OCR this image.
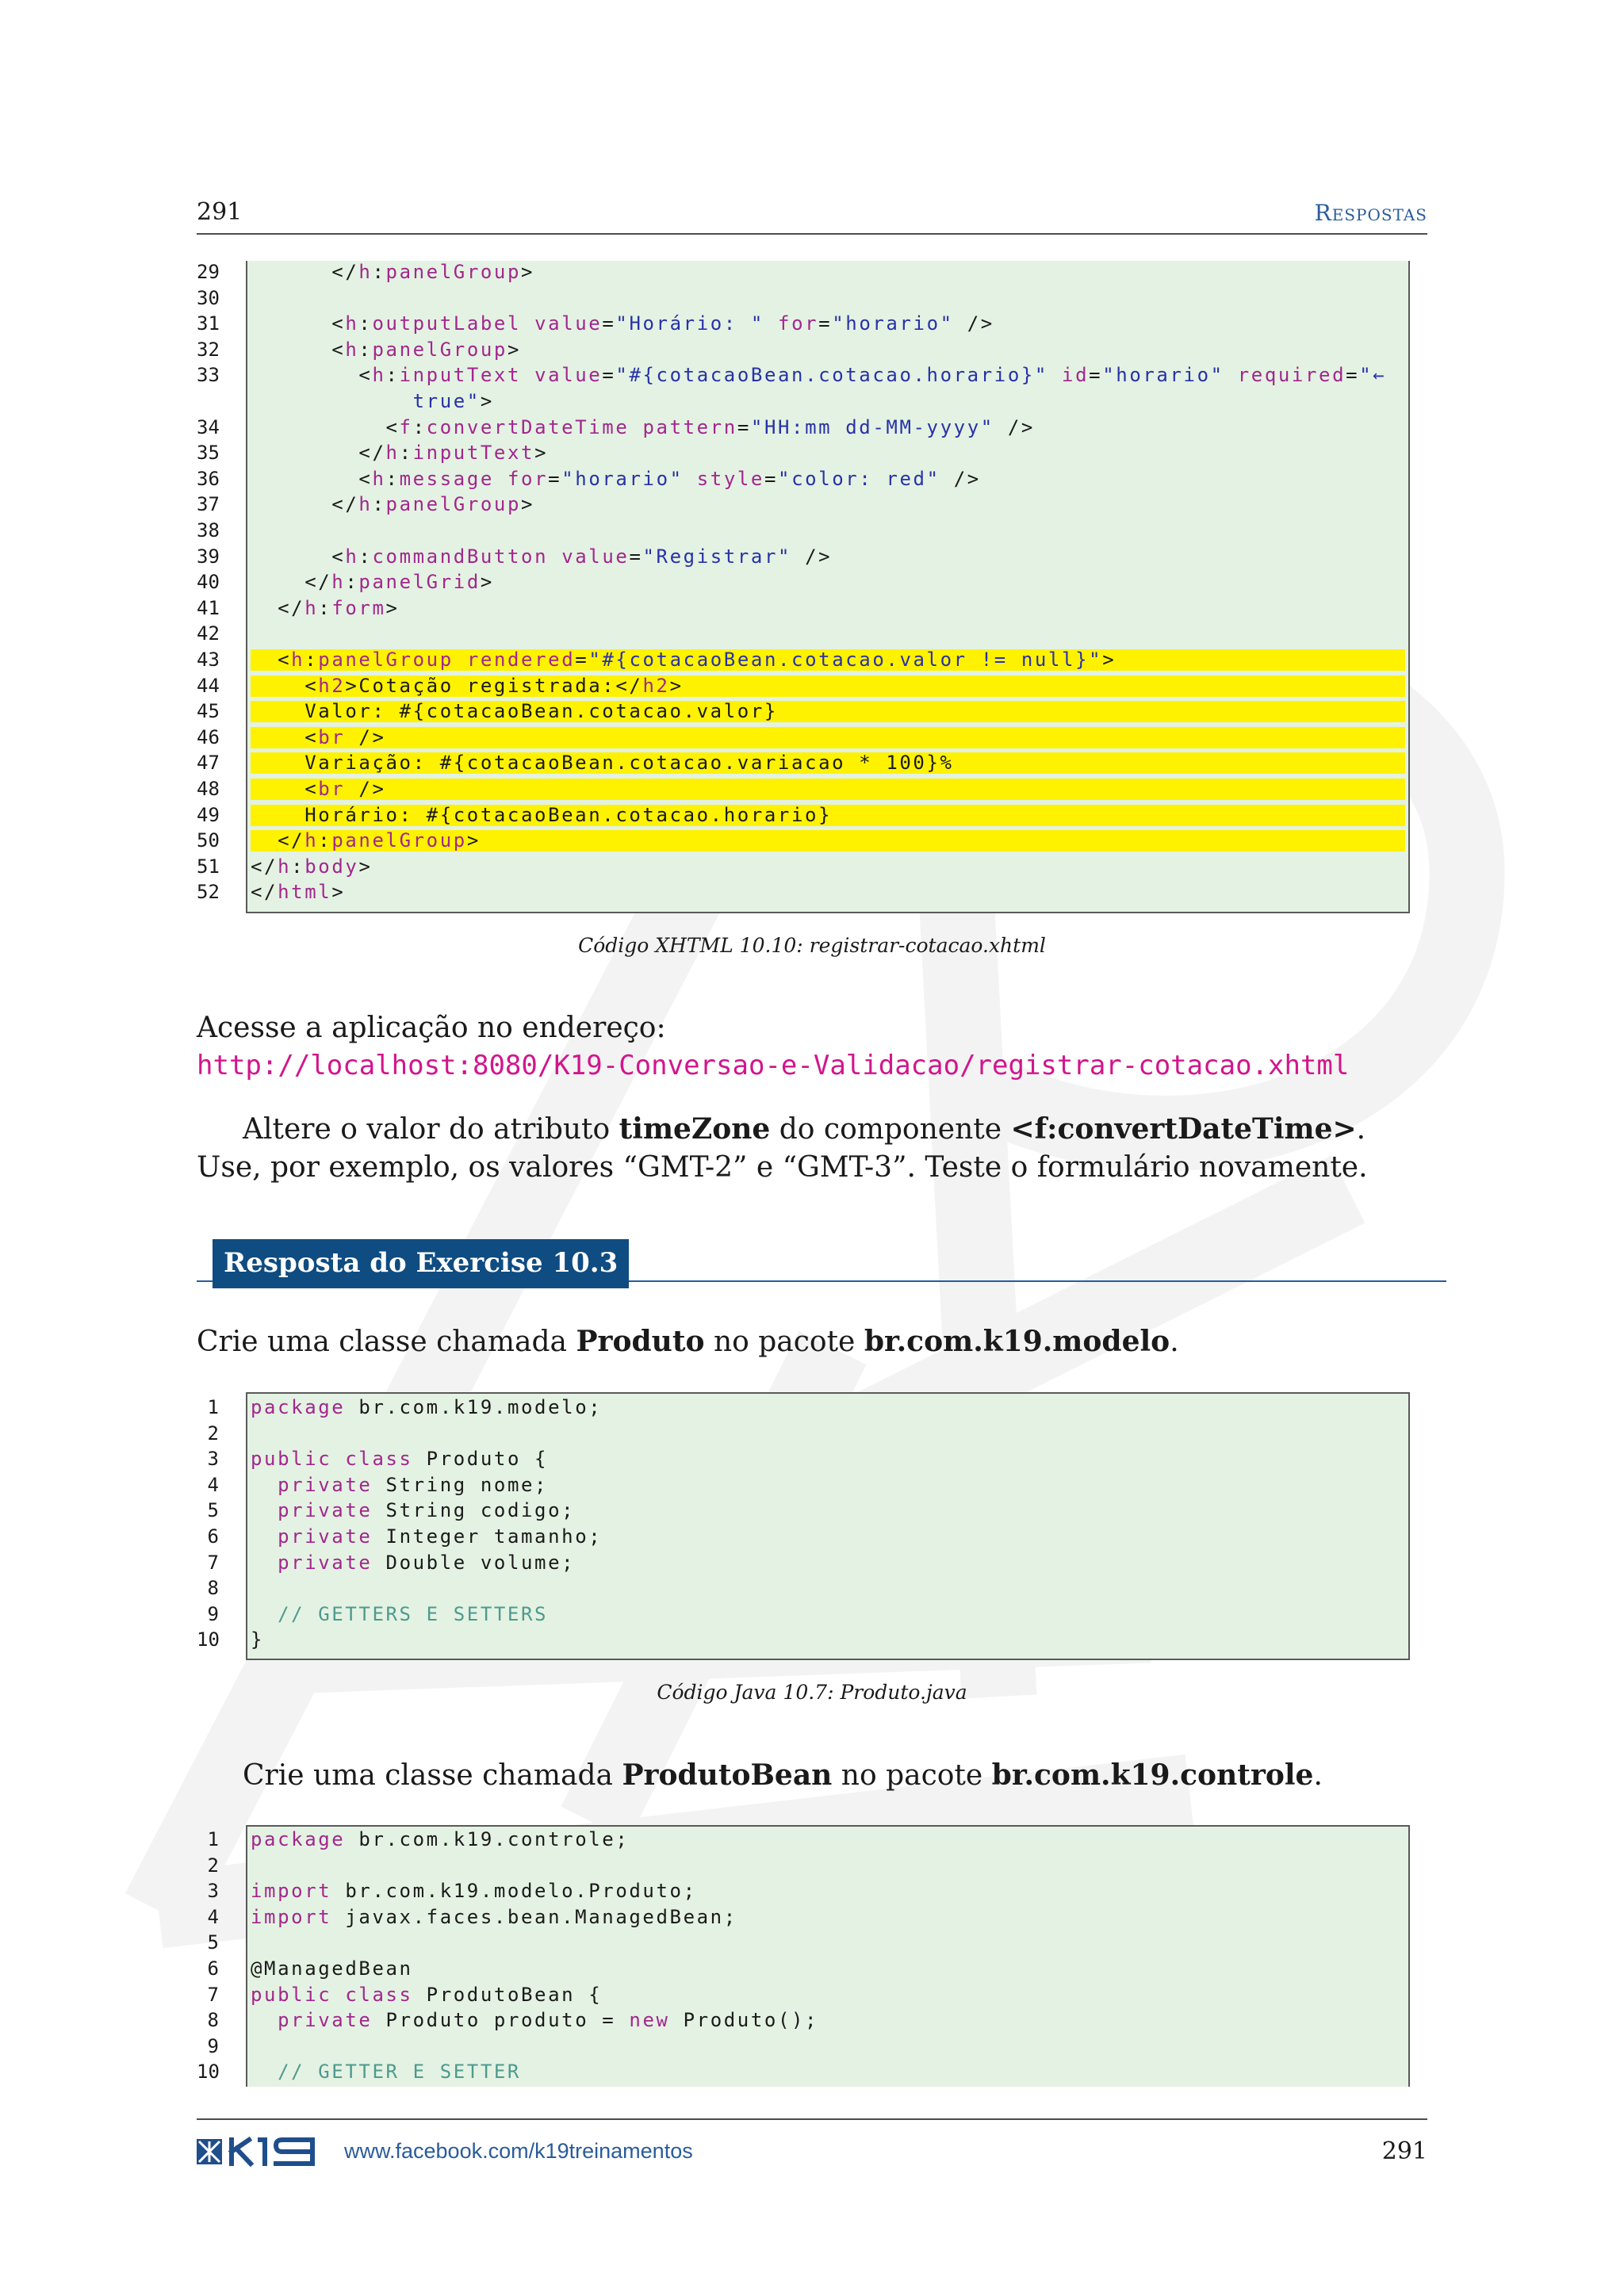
291	Respostas
29 </h:panelGroup>
30
31 <h:outputLabel value="Horário: " for="horario" />
32 <h:panelGroup>
33 <h:inputText value="#{cotacaoBean.cotacao.horario}" id="horario" required="←
true">
34 <f:convertDateTime pattern="HH:mm dd-MM-yyyy" />
35 </h:inputText>
36 <h:message for="horario" style="color: red" />
37 </h:panelGroup>
38
39 <h:commandButton value="Registrar" />
40 </h:panelGrid>
41 </h:form>
42
43 <h:panelGroup rendered="#{cotacaoBean.cotacao.valor != null}">
44 <h2>Cotação registrada:</h2>
45 Valor: #{cotacaoBean.cotacao.valor}
46 <br />
47 Variação: #{cotacaoBean.cotacao.variacao * 100}%
48 <br />
49 Horário: #{cotacaoBean.cotacao.horario}
50 </h:panelGroup>
51 </h:body>
52 </html>
Código XHTML 10.10: registrar-cotacao.xhtml
Acesse a aplicação no endereço:
http://localhost:8080/K19-Conversao-e-Validacao/registrar-cotacao.xhtml
Altere o valor do atributo timeZone do componente <f:convertDateTime>. Use, por exemplo, os valores “GMT-2” e “GMT-3”. Teste o formulário novamente.
Resposta do Exercise 10.3
Crie uma classe chamada Produto no pacote br.com.k19.modelo.
1 package br.com.k19.modelo;
2
3 public class Produto {
4	private String nome;
5	private String codigo;
6	private Integer tamanho;
7	private Double volume;
8
9 // GETTERS E SETTERS
10 }
Código Java 10.7: Produto.java
Crie uma classe chamada ProdutoBean no pacote br.com.k19.controle.
1 package br.com.k19.controle;
2
3 import br.com.k19.modelo.Produto;
4 import javax.faces.bean.ManagedBean;
5
6 @ManagedBean
7 public class ProdutoBean {
8	private Produto produto = new Produto();
9
10 // GETTER E SETTER
www.facebook.com/k19treinamentos	291
